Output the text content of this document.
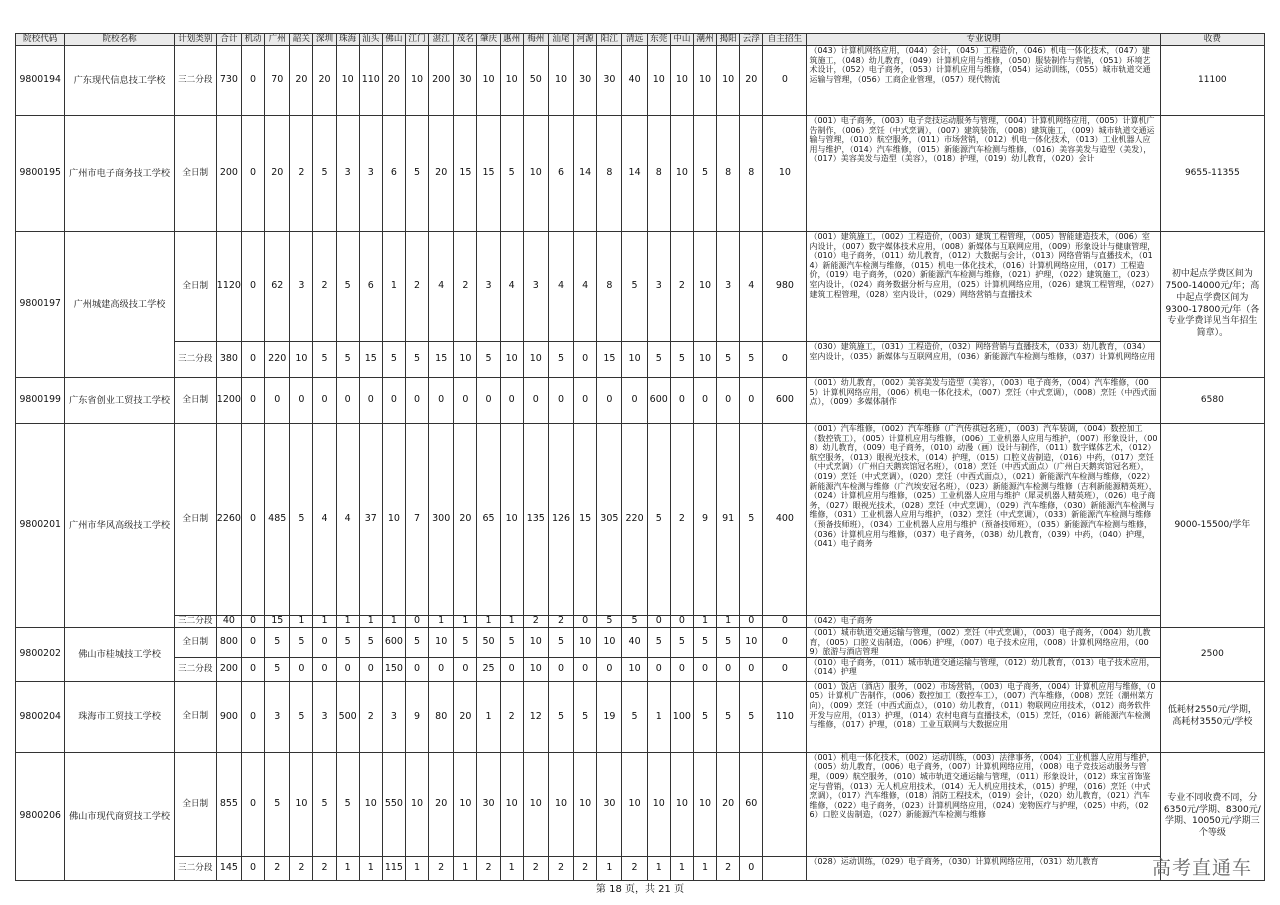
院校代码	院校名称	计划类别	合计	机动	广州	韶关	深圳	珠海	汕头	佛山	江门	湛江	茂名	肇庆	惠州	梅州	汕尾	河源	阳江	清远	东莞	中山	潮州	揭阳	云浮	自主招生	专业说明	收费
9800194	广东现代信息技工学校	三二分段	730	0	70	20	20	10	110	20	10	200	30	10	10	50	10	30	30	40	10	10	10	10	20	0	（043）计算机网络应用，（044）会计，（045）工程造价，（046）机电一体化技术，（047）建筑施工，（048）幼儿教育，（049）计算机应用与维修，（050）服装制作与营销，（051）环境艺术设计，（052）电子商务，（053）计算机应用与维修，（054）运动训练，（055）城市轨道交通运输与管理，（056）工商企业管理，（057）现代物流	11100
9800195	广州市电子商务技工学校	全日制	200	0	20	2	5	3	3	6	5	20	15	15	5	10	6	14	8	14	8	10	5	8	8	10	（001）电子商务，（003）电子竞技运动服务与管理，（004）计算机网络应用，（005）计算机广告制作，（006）烹饪（中式烹调），（007）建筑装饰，（008）建筑施工，（009）城市轨道交通运输与管理，（010）航空服务，（011）市场营销，（012）机电一体化技术，（013）工业机器人应用与维护，（014）汽车维修，（015）新能源汽车检测与维修，（016）美容美发与造型（美发），（017）美容美发与造型（美容），（018）护理，（019）幼儿教育，（020）会计	9655-11355
9800197	广州城建高级技工学校	全日制	1120	0	62	3	2	5	6	1	2	4	2	3	4	3	4	4	8	5	3	2	10	3	4	980	（001）建筑施工，（002）工程造价，（003）建筑工程管理，（005）智能建造技术，（006）室内设计，（007）数字媒体技术应用，（008）新媒体与互联网应用，（009）形象设计与健康管理，（010）电子商务，（011）幼儿教育，（012）大数据与会计，（013）网络营销与直播技术，（014）新能源汽车检测与维修，（015）机电一体化技术，（016）计算机网络应用，（017）工程造价，（019）电子商务，（020）新能源汽车检测与维修，（021）护理，（022）建筑施工，（023）室内设计，（024）商务数据分析与应用，（025）计算机网络应用，（026）建筑工程管理，（027）建筑工程管理，（028）室内设计，（029）网络营销与直播技术	初中起点学费区间为7500-14000元/年；高中起点学费区间为9300-17800元/年（各专业学费详见当年招生简章）。
		三二分段	380	0	220	10	5	5	15	5	5	15	10	5	10	10	5	0	15	10	5	5	10	5	5	0	（030）建筑施工，（031）工程造价，（032）网络营销与直播技术，（033）幼儿教育，（034）室内设计，（035）新媒体与互联网应用，（036）新能源汽车检测与维修，（037）计算机网络应用	
9800199	广东省创业工贸技工学校	全日制	1200	0	0	0	0	0	0	0	0	0	0	0	0	0	0	0	0	0	600	0	0	0	0	600	（001）幼儿教育，（002）美容美发与造型（美容），（003）电子商务，（004）汽车维修，（005）计算机网络应用，（006）机电一体化技术，（007）烹饪（中式烹调），（008）烹饪（中西式面点），（009）多媒体制作	6580
9800201	广州市华风高级技工学校	全日制	2260	0	485	5	4	4	37	10	7	300	20	65	10	135	126	15	305	220	5	2	9	91	5	400	（001）汽车维修，（002）汽车维修（广汽传祺冠名班），（003）汽车装调，（004）数控加工（数控铣工），（005）计算机应用与维修，（006）工业机器人应用与维护，（007）形象设计，（008）幼儿教育，（009）电子商务，（010）动漫（画）设计与制作，（011）数字媒体艺术，（012）航空服务，（013）眼视光技术，（014）护理，（015）口腔义齿制造，（016）中药，（017）烹饪（中式烹调）（广州白天鹅宾馆冠名班），（018）烹饪（中西式面点）（广州白天鹅宾馆冠名班），（019）烹饪（中式烹调），（020）烹饪（中西式面点），（021）新能源汽车检测与维修，（022）新能源汽车检测与维修（广汽埃安冠名班），（023）新能源汽车检测与维修（吉利新能源精英班），（024）计算机应用与维修，（025）工业机器人应用与维护（犀灵机器人精英班），（026）电子商务，（027）眼视光技术，（028）烹饪（中式烹调），（029）汽车维修，（030）新能源汽车检测与维修，（031）工业机器人应用与维护，（032）烹饪（中式烹调），（033）新能源汽车检测与维修（预备技师班），（034）工业机器人应用与维护（预备技师班），（035）新能源汽车检测与维修，（036）计算机应用与维修，（037）电子商务，（038）幼儿教育，（039）中药，（040）护理，（041）电子商务	9000-15500/学年
		三二分段	40	0	15	1	1	1	1	1	0	1	1	1	1	2	2	0	5	5	0	0	1	1	0	0	（042）电子商务	
9800202	佛山市桂城技工学校	全日制	800	0	5	5	0	5	5	600	5	10	5	50	5	10	5	10	10	40	5	5	5	5	10	0	（001）城市轨道交通运输与管理，（002）烹饪（中式烹调），（003）电子商务，（004）幼儿教育，（005）口腔义齿制造，（006）护理，（007）电子技术应用，（008）计算机网络应用，（009）旅游与酒店管理	2500
		三二分段	200	0	5	0	0	0	0	150	0	0	0	25	0	10	0	0	0	10	0	0	0	0	0	0	（010）电子商务，（011）城市轨道交通运输与管理，（012）幼儿教育，（013）电子技术应用，（014）护理	
9800204	珠海市工贸技工学校	全日制	900	0	3	5	3	500	2	3	9	80	20	1	2	12	5	5	19	5	1	100	5	5	5	110	（001）饭店（酒店）服务，（002）市场营销，（003）电子商务，（004）计算机应用与维修，（005）计算机广告制作，（006）数控加工（数控车工），（007）汽车维修，（008）烹饪（潮州菜方向），（009）烹饪（中西式面点），（010）幼儿教育，（011）物联网应用技术，（012）商务软件开发与应用，（013）护理，（014）农村电商与直播技术，（015）烹饪，（016）新能源汽车检测与维修，（017）护理，（018）工业互联网与大数据应用	低耗材2550元/学期，高耗材3550元/学校
9800206	佛山市现代商贸技工学校	全日制	855	0	5	10	5	5	10	550	10	20	10	30	10	10	10	10	30	10	10	10	10	20	60		（001）机电一体化技术，（002）运动训练，（003）法律事务，（004）工业机器人应用与维护，（005）幼儿教育，（006）电子商务，（007）计算机网络应用，（008）电子竞技运动服务与管理，（009）航空服务，（010）城市轨道交通运输与管理，（011）形象设计，（012）珠宝首饰鉴定与营销，（013）无人机应用技术，（014）无人机应用技术，（015）护理，（016）烹饪（中式烹调），（017）汽车维修，（018）消防工程技术，（019）会计，（020）幼儿教育，（021）汽车维修，（022）电子商务，（023）计算机网络应用，（024）宠物医疗与护理，（025）中药，（026）口腔义齿制造，（027）新能源汽车检测与维修	专业不同收费不同，分6350元/学期、8300元/学期、10050元/学期三个等级
		三二分段	145	0	2	2	2	1	1	115	1	2	1	2	1	2	2	2	1	2	1	1	1	2	0		（028）运动训练，（029）电子商务，（030）计算机网络应用，（031）幼儿教育	
第 18 页，共 21 页
高考直通车
